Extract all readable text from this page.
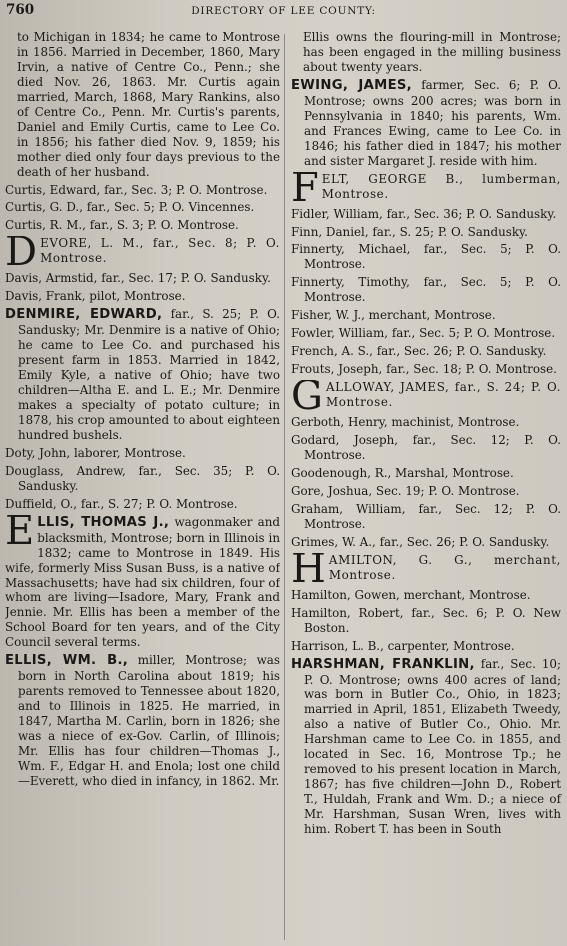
760	DIRECTORY OF LEE COUNTY:

to Michigan in 1834; he came to Montrose in 1856. Married in December, 1860, Mary Irvin, a native of Centre Co., Penn.; she died Nov. 26, 1863. Mr. Curtis again married, March, 1868, Mary Rankins, also of Centre Co., Penn. Mr. Curtis's parents, Daniel and Emily Curtis, came to Lee Co. in 1856; his father died Nov. 9, 1859; his mother died only four days previous to the death of her husband.

Curtis, Edward, far., Sec. 3; P. O. Montrose.

Curtis, G. D., far., Sec. 5; P. O. Vincennes.

Curtis, R. M., far., S. 3; P. O. Montrose.

DEVORE, L. M., far., Sec. 8; P. O. Montrose.

Davis, Armstid, far., Sec. 17; P. O. Sandusky.

Davis, Frank, pilot, Montrose.

DENMIRE, EDWARD, far., S. 25; P. O. Sandusky; Mr. Denmire is a native of Ohio; he came to Lee Co. and purchased his present farm in 1853. Married in 1842, Emily Kyle, a native of Ohio; have two children—Altha E. and L. E.; Mr. Denmire makes a specialty of potato culture; in 1878, his crop amounted to about eighteen hundred bushels.

Doty, John, laborer, Montrose.

Douglass, Andrew, far., Sec. 35; P. O. Sandusky.

Duffield, O., far., S. 27; P. O. Montrose.

ELLIS, THOMAS J., wagonmaker and blacksmith, Montrose; born in Illinois in 1832; came to Montrose in 1849. His wife, formerly Miss Susan Buss, is a native of Massachusetts; have had six children, four of whom are living—Isadore, Mary, Frank and Jennie. Mr. Ellis has been a member of the School Board for ten years, and of the City Council several terms.

ELLIS, WM. B., miller, Montrose; was born in North Carolina about 1819; his parents removed to Tennessee about 1820, and to Illinois in 1825. He married, in 1847, Martha M. Carlin, born in 1826; she was a niece of ex-Gov. Carlin, of Illinois; Mr. Ellis has four children—Thomas J., Wm. F., Edgar H. and Enola; lost one child—Everett, who died in infancy, in 1862. Mr.

Ellis owns the flouring-mill in Montrose; has been engaged in the milling business about twenty years.

EWING, JAMES, farmer, Sec. 6; P. O. Montrose; owns 200 acres; was born in Pennsylvania in 1840; his parents, Wm. and Frances Ewing, came to Lee Co. in 1846; his father died in 1847; his mother and sister Margaret J. reside with him.

FELT, GEORGE B., lumberman, Montrose.

Fidler, William, far., Sec. 36; P. O. Sandusky.

Finn, Daniel, far., S. 25; P. O. Sandusky.

Finnerty, Michael, far., Sec. 5; P. O. Montrose.

Finnerty, Timothy, far., Sec. 5; P. O. Montrose.

Fisher, W. J., merchant, Montrose.

Fowler, William, far., Sec. 5; P. O. Montrose.

French, A. S., far., Sec. 26; P. O. Sandusky.

Frouts, Joseph, far., Sec. 18; P. O. Montrose.

GALLOWAY, JAMES, far., S. 24; P. O. Montrose.

Gerboth, Henry, machinist, Montrose.

Godard, Joseph, far., Sec. 12; P. O. Montrose.

Goodenough, R., Marshal, Montrose.

Gore, Joshua, Sec. 19; P. O. Montrose.

Graham, William, far., Sec. 12; P. O. Montrose.

Grimes, W. A., far., Sec. 26; P. O. Sandusky.

HAMILTON, G. G., merchant, Montrose.

Hamilton, Gowen, merchant, Montrose.

Hamilton, Robert, far., Sec. 6; P. O. New Boston.

Harrison, L. B., carpenter, Montrose.

HARSHMAN, FRANKLIN, far., Sec. 10; P. O. Montrose; owns 400 acres of land; was born in Butler Co., Ohio, in 1823; married in April, 1851, Elizabeth Tweedy, also a native of Butler Co., Ohio. Mr. Harshman came to Lee Co. in 1855, and located in Sec. 16, Montrose Tp.; he removed to his present location in March, 1867; has five children—John D., Robert T., Huldah, Frank and Wm. D.; a niece of Mr. Harshman, Susan Wren, lives with him. Robert T. has been in South
